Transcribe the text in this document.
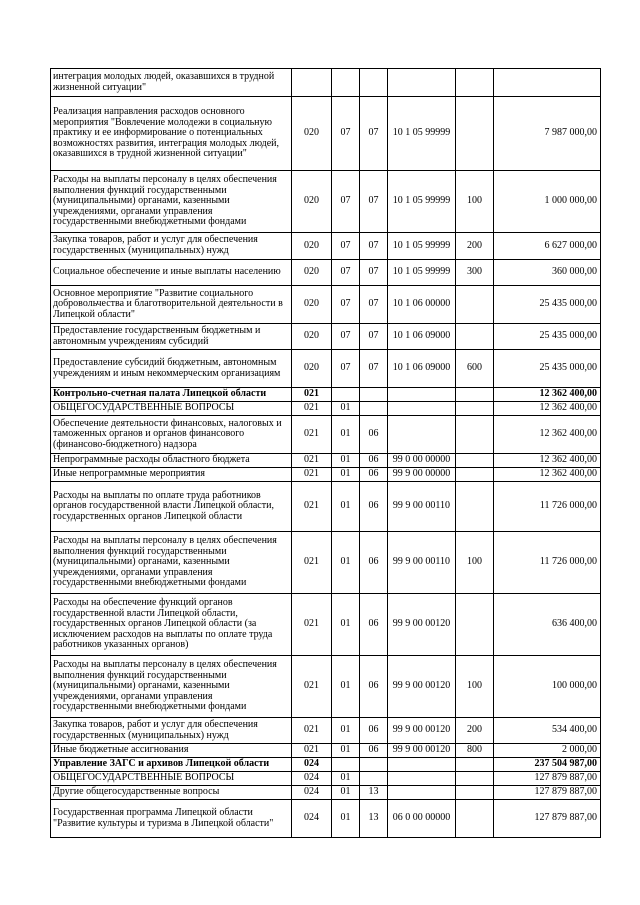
интеграция молодых людей, оказавшихся в трудной жизненной ситуации"						
Реализация направления расходов основного мероприятия "Вовлечение молодежи в социальную практику и ее информирование о потенциальных возможностях развития, интеграция молодых людей, оказавшихся в трудной жизненной ситуации"	020	07	07	10 1 05 99999		7 987 000,00
Расходы на выплаты персоналу в целях обеспечения выполнения функций государственными (муниципальными) органами, казенными учреждениями, органами управления государственными внебюджетными фондами	020	07	07	10 1 05 99999	100	1 000 000,00
Закупка товаров, работ и услуг для обеспечения государственных (муниципальных) нужд	020	07	07	10 1 05 99999	200	6 627 000,00
Социальное обеспечение и иные выплаты населению	020	07	07	10 1 05 99999	300	360 000,00
Основное мероприятие "Развитие социального добровольчества и благотворительной деятельности в Липецкой области"	020	07	07	10 1 06 00000		25 435 000,00
Предоставление государственным бюджетным и автономным учреждениям субсидий	020	07	07	10 1 06 09000		25 435 000,00
Предоставление субсидий бюджетным, автономным учреждениям и иным некоммерческим организациям	020	07	07	10 1 06 09000	600	25 435 000,00
Контрольно-счетная палата Липецкой области	021					12 362 400,00
ОБЩЕГОСУДАРСТВЕННЫЕ ВОПРОСЫ	021	01				12 362 400,00
Обеспечение деятельности финансовых, налоговых и таможенных органов и органов финансового (финансово-бюджетного) надзора	021	01	06			12 362 400,00
Непрограммные расходы областного бюджета	021	01	06	99 0 00 00000		12 362 400,00
Иные непрограммные мероприятия	021	01	06	99 9 00 00000		12 362 400,00
Расходы на выплаты по оплате труда работников органов государственной власти Липецкой области, государственных органов Липецкой области	021	01	06	99 9 00 00110		11 726 000,00
Расходы на выплаты персоналу в целях обеспечения выполнения функций государственными (муниципальными) органами, казенными учреждениями, органами управления государственными внебюджетными фондами	021	01	06	99 9 00 00110	100	11 726 000,00
Расходы на обеспечение функций органов государственной власти Липецкой области, государственных органов Липецкой области (за исключением расходов на выплаты по оплате труда работников указанных органов)	021	01	06	99 9 00 00120		636 400,00
Расходы на выплаты персоналу в целях обеспечения выполнения функций государственными (муниципальными) органами, казенными учреждениями, органами управления государственными внебюджетными фондами	021	01	06	99 9 00 00120	100	100 000,00
Закупка товаров, работ и услуг для обеспечения государственных (муниципальных) нужд	021	01	06	99 9 00 00120	200	534 400,00
Иные бюджетные ассигнования	021	01	06	99 9 00 00120	800	2 000,00
Управление ЗАГС и архивов Липецкой области	024					237 504 987,00
ОБЩЕГОСУДАРСТВЕННЫЕ ВОПРОСЫ	024	01				127 879 887,00
Другие общегосударственные вопросы	024	01	13			127 879 887,00
Государственная программа Липецкой области "Развитие культуры и туризма в Липецкой области"	024	01	13	06 0 00 00000		127 879 887,00
